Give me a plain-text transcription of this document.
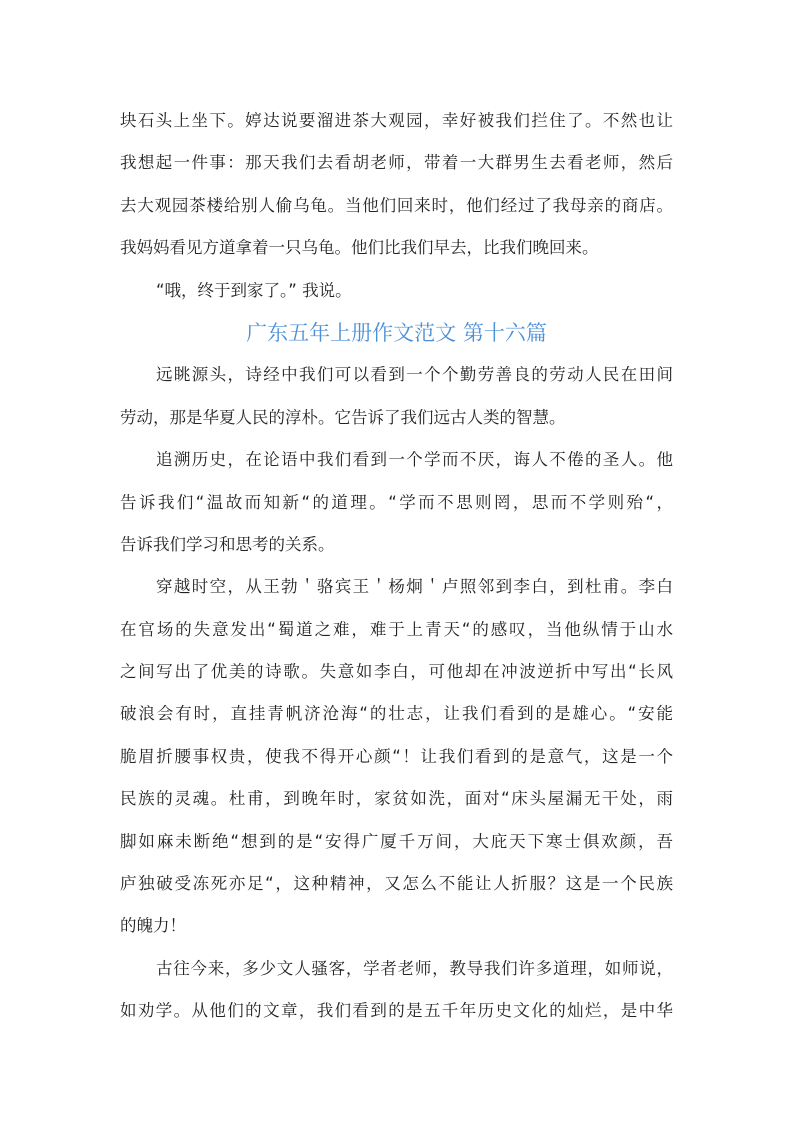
块石头上坐下。婷达说要溜进茶大观园，幸好被我们拦住了。不然也让
我想起一件事：那天我们去看胡老师，带着一大群男生去看老师，然后
去大观园茶楼给别人偷乌龟。当他们回来时，他们经过了我母亲的商店。
我妈妈看见方道拿着一只乌龟。他们比我们早去，比我们晚回来。
“哦，终于到家了。” 我说。
广东五年上册作文范文 第十六篇
远眺源头，诗经中我们可以看到一个个勤劳善良的劳动人民在田间
劳动，那是华夏人民的淳朴。它告诉了我们远古人类的智慧。
追溯历史，在论语中我们看到一个学而不厌，诲人不倦的圣人。他
告诉我们“温故而知新“的道理。“学而不思则罔，思而不学则殆“，
告诉我们学习和思考的关系。
穿越时空，从王勃＇骆宾王＇杨炯＇卢照邻到李白，到杜甫。李白
在官场的失意发出“蜀道之难，难于上青天“的感叹，当他纵情于山水
之间写出了优美的诗歌。失意如李白，可他却在冲波逆折中写出“长风
破浪会有时，直挂青帆济沧海“的壮志，让我们看到的是雄心。“安能
脆眉折腰事权贵，使我不得开心颜“！让我们看到的是意气，这是一个
民族的灵魂。杜甫，到晚年时，家贫如洗，面对“床头屋漏无干处，雨
脚如麻未断绝“想到的是“安得广厦千万间，大庇天下寒士俱欢颜，吾
庐独破受冻死亦足“，这种精神，又怎么不能让人折服？这是一个民族
的魄力！
古往今来，多少文人骚客，学者老师，教导我们许多道理，如师说，
如劝学。从他们的文章，我们看到的是五千年历史文化的灿烂，是中华
